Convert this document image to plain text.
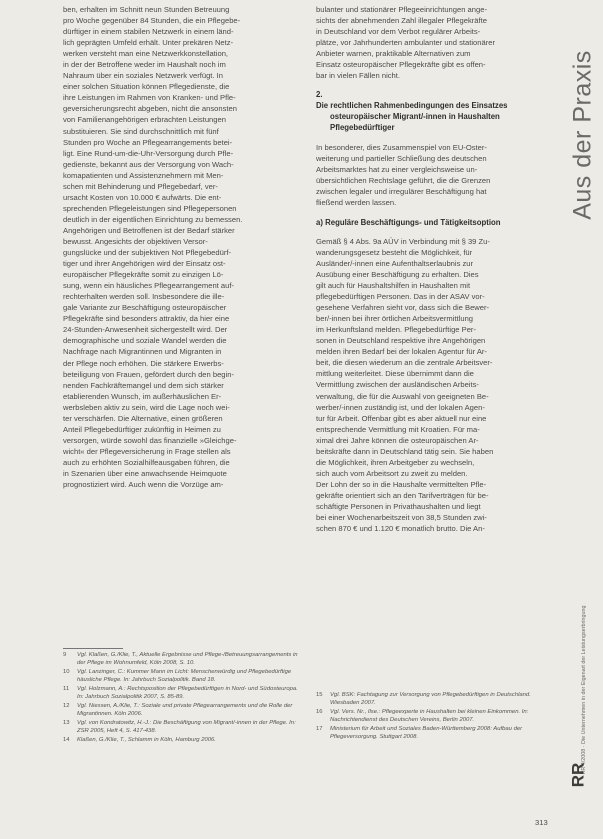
ben, erhalten im Schnitt neun Stunden Betreuung
pro Woche gegenüber 84 Stunden, die ein Pflegebe-
dürftiger in einem stabilen Netzwerk in einem länd-
lich geprägten Umfeld erhält. Unter prekären Netz-
werken versteht man eine Netzwerkkonstellation,
in der der Betroffene weder im Haushalt noch im
Nahraum über ein soziales Netzwerk verfügt. In
einer solchen Situation können Pflegedienste, die
ihre Leistungen im Rahmen von Kranken- und Pfle-
geversicherungsrecht abgeben, nicht die ansonsten
von Familienangehörigen erbrachten Leistungen
substituieren. Sie sind durchschnittlich mit fünf
Stunden pro Woche an Pflegearrangements betei-
ligt. Eine Rund-um-die-Uhr-Versorgung durch Pfle-
gedienste, bekannt aus der Versorgung von Wach-
komapatienten und Assistenznehmern mit Men-
schen mit Behinderung und Pflegebedarf, ver-
ursacht Kosten von 10.000 € aufwärts. Die ent-
sprechenden Pflegeleistungen sind Pflegepersonen
deutlich in der eigentlichen Einrichtung zu bemessen.
Angehörigen und Betroffenen ist der Bedarf stärker
bewusst. Angesichts der objektiven Versor-
gungslücke und der subjektiven Not Pflegebedürf-
tiger und ihrer Angehörigen wird der Einsatz ost-
europäischer Pflegekräfte somit zu einzigen Lö-
sung, wenn ein häusliches Pflegearrangement auf-
rechterhalten werden soll. Insbesondere die ille-
gale Variante zur Beschäftigung osteuropäischer
Pflegekräfte sind besonders attraktiv, da hier eine
24-Stunden-Anwesenheit sichergestellt wird. Der
demographische und soziale Wandel werden die
Nachfrage nach Migrantinnen und Migranten in
der Pflege noch erhöhen. Die stärkere Erwerbs-
beteiligung von Frauen, gefördert durch den begin-
nenden Fachkräftemangel und dem sich stärker
etablierenden Wunsch, im außerhäuslichen Er-
werbsleben aktiv zu sein, wird die Lage noch wei-
ter verschärfen. Die Alternative, einen größeren
Anteil Pflegebedürftiger zukünftig in Heimen zu
versorgen, würde sowohl das finanzielle »Gleichge-
wicht« der Pflegeversicherung in Frage stellen als
auch zu erhöhten Sozialhilfeausgaben führen, die
in Szenarien über eine anwachsende Heimquote
prognostiziert wird. Auch wenn die Vorzüge am-

bulanter und stationärer Pflegeeinrichtungen ange-
sichts der abnehmenden Zahl illegaler Pflegekräfte
in Deutschland vor dem Verbot regulärer Arbeits-
plätze, vor Jahrhunderten ambulanter und stationärer
Anbieter warnen, praktikable Alternativen zum
Einsatz osteuropäischer Pflegekräfte gibt es offen-
bar in vielen Fällen nicht.

2.
Die rechtlichen Rahmenbedingungen des Einsatzes
osteuropäischer Migrant/-innen in Haushalten
Pflegebedürftiger

In besonderer, dies Zusammenspiel von EU-Oster-
weiterung und partieller Schließung des deutschen
Arbeitsmarktes hat zu einer vergleichsweise un-
übersichtlichen Rechtslage geführt, die die Grenzen
zwischen legaler und irregulärer Beschäftigung hat
fließend werden lassen.

a) Reguläre Beschäftigungs- und Tätigkeitsoption

Gemäß § 4 Abs. 9a AÜV in Verbindung mit § 39 Zu-
wanderungsgesetz besteht die Möglichkeit, für
Ausländer/-innen eine Aufenthaltserlaubnis zur
Ausübung einer Beschäftigung zu erhalten. Dies
gilt auch für Haushaltshilfen in Haushalten mit
pflegebedürftigen Personen. Das in der ASAV vor-
gesehene Verfahren sieht vor, dass sich die Bewer-
ber/-innen bei ihrer örtlichen Arbeitsvermittlung
im Herkunftsland melden. Pflegebedürftige Per-
sonen in Deutschland respektive ihre Angehörigen
melden ihren Bedarf bei der lokalen Agentur für Ar-
beit, die diesen wiederum an die zentrale Arbeitsver-
mittlung weiterleitet. Diese übernimmt dann die
Vermittlung zwischen der ausländischen Arbeits-
verwaltung, die für die Auswahl von geeigneten Be-
werber/-innen zuständig ist, und der lokalen Agen-
tur für Arbeit. Offenbar gibt es aber aktuell nur eine
entsprechende Vermittlung mit Kroatien. Für ma-
ximal drei Jahre können die osteuropäischen Ar-
beitskräfte dann in Deutschland tätig sein. Sie haben
die Möglichkeit, ihren Arbeitgeber zu wechseln,
sich auch vom Arbeitsort zu zweit zu melden.
Der Lohn der so in die Haushalte vermittelten Pfle-
gekräfte orientiert sich an den Tarifverträgen für be-
schäftigte Personen in Privathaushalten und liegt
bei einer Wochenarbeitszeit von 38,5 Stunden zwi-
schen 870 € und 1.120 € monatlich brutto. Die An-

9	Vgl. Klaßen, G./Klie, T., Aktuelle Ergebnisse und Pflege-/Betreuungsarrangements in der Pflege im Wohnumfeld, Köln 2008, S. 10.
10	Vgl. Lanzinger, C.: Kummer Mann im Licht: Menschenwürdig und Pflegebedürftige häusliche Pflege. In: Jahrbuch Sozialpolitik. Band 18.
11	Vgl. Holzmann, A.: Rechtsposition der Pflegebedürftigen in Nord- und Südosteuropa. In: Jahrbuch Sozialpolitik 2007, S. 85-89.
12	Vgl. Niessen, A./Klie, T.: Soziale und private Pflegearrangements und die Rolle der Migrantinnen. Köln 2006.
13	Vgl. von Kondratowitz, H.-J.: Die Beschäftigung von Migrant/-innen in der Pflege. In: ZSR 2005, Heft 4, S. 417-438.
14	Klaßen, G./Klie, T., Schlamm in Köln, Hamburg 2006.
15	Vgl. BSK: Fachtagung zur Versorgung von Pflegebedürftigen in Deutschland. Wiesbaden 2007.
16	Vgl. Vers. Nr., Ilse.: Pflegeexperte in Haushalten bei kleinen Einkommen. In: Nachrichtendienst des Deutschen Vereins, Berlin 2007.
17	Ministerium für Arbeit und Soziales Baden-Württemberg 2008: Aufbau der Pflegeversorgung. Stuttgart 2008.
Aus der Praxis
RR 4/2008 · Die Unternehmen in der Eigenart der Leistungserbringung
RR
313
